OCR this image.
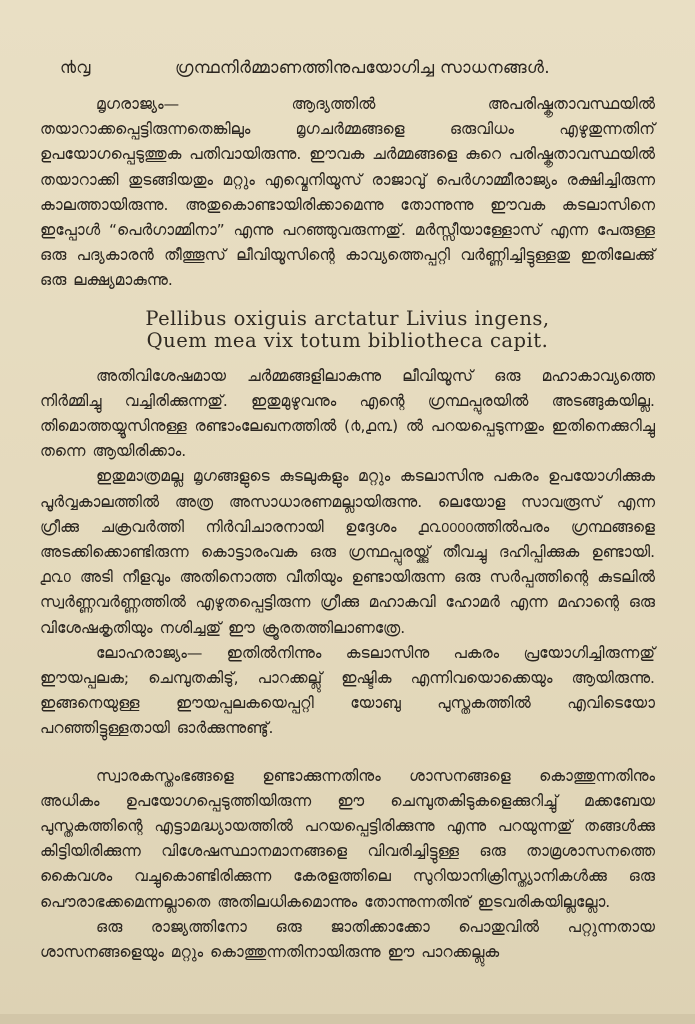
൯൮	ഗ്രന്ഥനിർമ്മാണത്തിനുപയോഗിച്ച സാധനങ്ങൾ.

മൃഗരാജ്യം— ആദ്യത്തിൽ അപരിഷ്കൃതാവസ്ഥയിൽ തയാറാക്കപ്പെട്ടിരുന്നതെങ്കിലും മൃഗചർമ്മങ്ങളെ ഒരുവിധം എഴുതുന്നതിന് ഉപയോഗപ്പെടുത്തുക പതിവായിരുന്നു. ഈവക ചർമ്മങ്ങളെ കുറെ പരിഷ്കൃതാവസ്ഥയിൽ തയാറാക്കി തുടങ്ങിയതും മറ്റും എവ്മെനിയൂസ് രാജാവു് പെർഗാമ്മീരാജ്യം രക്ഷിച്ചിരുന്ന കാലത്തായിരുന്നു. അതുകൊണ്ടായിരിക്കാമെന്നു തോന്നുന്നു ഈവക കടലാസിനെ ഇപ്പോൾ “പെർഗാമ്മിനാ” എന്നു പറഞ്ഞുവരുന്നതു്. മർസ്സീയാള്ളോസ് എന്ന പേരുള്ള ഒരു പദ്യകാരൻ തീത്തൂസ് ലീവിയൂസിന്റെ കാവ്യത്തെപ്പറ്റി വർണ്ണിച്ചിട്ടുള്ളതു ഇതിലേക്കു് ഒരു ലക്ഷ്യമാകുന്നു.

Pellibus oxiguis arctatur Livius ingens,
Quem mea vix totum bibliotheca capit.

അതിവിശേഷമായ ചർമ്മങ്ങളിലാകുന്നു ലീവിയൂസ് ഒരു മഹാകാവ്യത്തെ നിർമ്മിച്ചു വച്ചിരിക്കുന്നതു്. ഇതുമുഴുവനും എന്റെ ഗ്രന്ഥപ്പുരയിൽ അടങ്ങുകയില്ല. തിമൊത്തയ്യൂസിനുള്ള രണ്ടാംലേഖനത്തിൽ (൪,൧൩) ൽ പറയപ്പെടുന്നതും ഇതിനെക്കുറിച്ചു തന്നെ ആയിരിക്കാം.

ഇതുമാത്രമല്ല മൃഗങ്ങളുടെ കുടലുകളും മറ്റും കടലാസിനു പകരം ഉപയോഗിക്കുക പൂർവ്വകാലത്തിൽ അത്ര അസാധാരണമല്ലായിരുന്നു. ലെയോള സാവരൂസ് എന്ന ഗ്രീക്കു ചക്രവർത്തി നിർവിചാരനായി ഉദ്ദേശം ൧൨൦൦൦൦ത്തിൽപരം ഗ്രന്ഥങ്ങളെ അടക്കിക്കൊണ്ടിരുന്ന കൊട്ടാരംവക ഒരു ഗ്രന്ഥപ്പുരയ്ക്കു് തീവച്ചു ദഹിപ്പിക്കുക ഉണ്ടായി. ൧൨൦ അടി നീളവും അതിനൊത്ത വീതിയും ഉണ്ടായിരുന്ന ഒരു സർപ്പത്തിന്റെ കുടലിൽ സ്വർണ്ണവർണ്ണത്തിൽ എഴുതപ്പെട്ടിരുന്ന ഗ്രീക്കു മഹാകവി ഹോമർ എന്ന മഹാന്റെ ഒരു വിശേഷകൃതിയും നശിച്ചതു് ഈ ക്രൂരതത്തിലാണത്രേ.

ലോഹരാജ്യം— ഇതിൽനിന്നും കടലാസിനു പകരം പ്രയോഗിച്ചിരുന്നതു് ഈയപ്പലക; ചെമ്പുതകിടു്, പാറക്കല്ലു് ഇഷ്ടിക എന്നിവയൊക്കെയും ആയിരുന്നു. ഇങ്ങനെയുള്ള ഈയപ്പലകയെപ്പറ്റി യോബു പുസ്തകത്തിൽ എവിടെയോ പറഞ്ഞിട്ടുള്ളതായി ഓർക്കുന്നുണ്ടു്.

സ്വാരകസ്തംഭങ്ങളെ ഉണ്ടാക്കുന്നതിനും ശാസനങ്ങളെ കൊത്തുന്നതിനും അധികം ഉപയോഗപ്പെടുത്തിയിരുന്ന ഈ ചെമ്പുതകിടുകളെക്കുറിച്ചു് മക്കബേയ പുസ്തകത്തിന്റെ എട്ടാമദ്ധ്യായത്തിൽ പറയപ്പെട്ടിരിക്കുന്നു എന്നു പറയുന്നതു് തങ്ങൾക്കു കിട്ടിയിരിക്കുന്ന വിശേഷസ്ഥാനമാനങ്ങളെ വിവരിച്ചിട്ടുള്ള ഒരു താമ്രശാസനത്തെ കൈവശം വച്ചുകൊണ്ടിരിക്കുന്ന കേരളത്തിലെ സുറിയാനിക്രിസ്ത്യാനികൾക്കു ഒരു പൌരാഭക്കമെന്നല്ലാതെ അതിലധികമൊന്നും തോന്നുന്നതിനു് ഇടവരികയില്ലല്ലോ.

ഒരു രാജ്യത്തിനോ ഒരു ജാതിക്കാക്കോ പൊതുവിൽ പറ്റുന്നതായ ശാസനങ്ങളെയും മറ്റും കൊത്തുന്നതിനായിരുന്നു ഈ പാറക്കല്ലുക
